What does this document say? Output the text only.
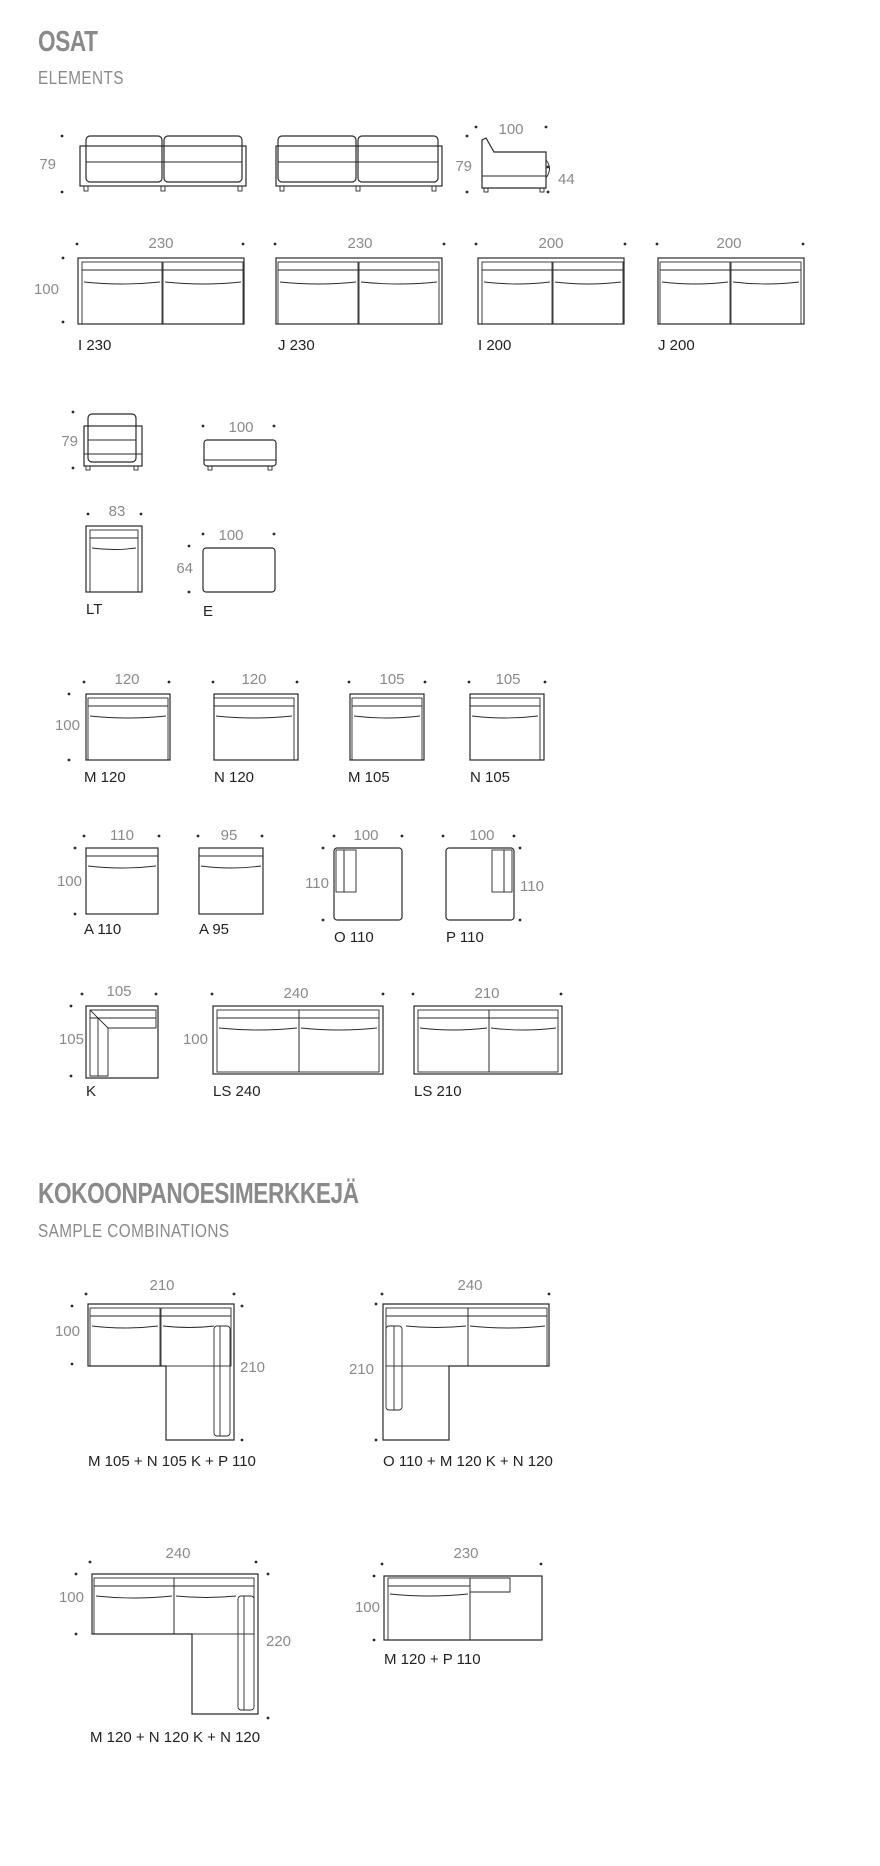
OSAT
ELEMENTS
KOKOONPANOESIMERKKEJÄ
SAMPLE COMBINATIONS
79
100
79
44
230
100
I 230
230
J 230
200
I 200
200
J 200
79
100
83
LT
100
64
E
120
100
M 120
120
N 120
105
M 105
105
N 105
110
100
A 110
95
A 95
100
110
O 110
100
110
P 110
105
105
K
240
100
LS 240
210
LS 210
210
100
210
M 105 + N 105 K + P 110
240
210
O 110 + M 120 K + N 120
240
100
220
M 120 + N 120 K + N 120
230
100
M 120 + P 110
